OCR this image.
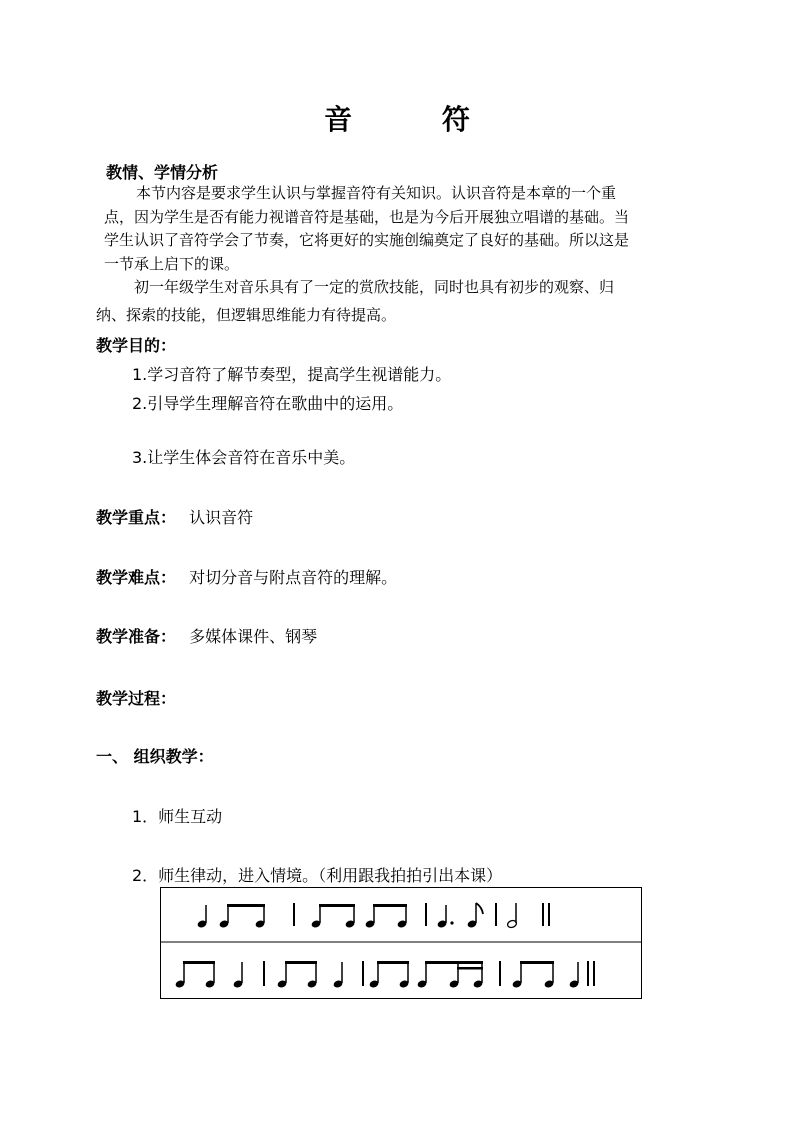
音 符
教情、学情分析

本节内容是要求学生认识与掌握音符有关知识。认识音符是本章的一个重

点，因为学生是否有能力视谱音符是基础，也是为今后开展独立唱谱的基础。当

学生认识了音符学会了节奏，它将更好的实施创编奠定了良好的基础。所以这是

一节承上启下的课。

初一年级学生对音乐具有了一定的赏欣技能，同时也具有初步的观察、归

纳、探索的技能，但逻辑思维能力有待提高。

教学目的：
1.学习音符了解节奏型，提高学生视谱能力。
2.引导学生理解音符在歌曲中的运用。
3.让学生体会音符在音乐中美。
教学重点： 认识音符
教学难点： 对切分音与附点音符的理解。
教学准备： 多媒体课件、钢琴
教学过程：
一、 组织教学：
1．师生互动
2．师生律动，进入情境。（利用跟我拍拍引出本课）
